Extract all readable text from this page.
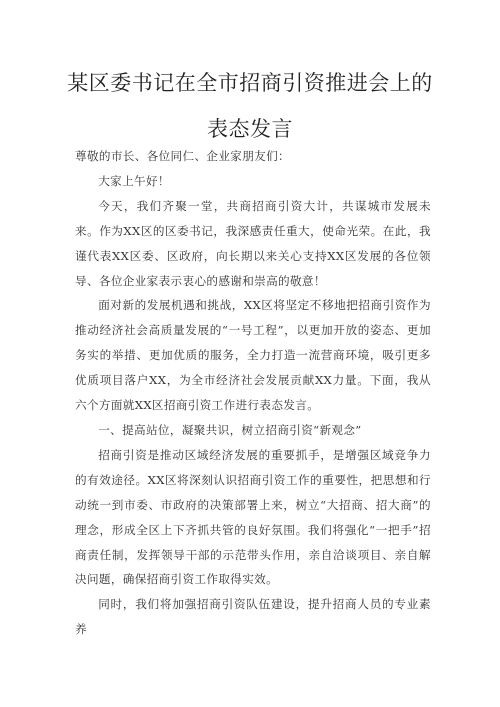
某区委书记在全市招商引资推进会上的
表态发言

尊敬的市长、各位同仁、企业家朋友们：

大家上午好！

今天，我们齐聚一堂，共商招商引资大计，共谋城市发展未来。作为XX区的区委书记，我深感责任重大，使命光荣。在此，我谨代表XX区委、区政府，向长期以来关心支持XX区发展的各位领导、各位企业家表示衷心的感谢和崇高的敬意！

面对新的发展机遇和挑战，XX区将坚定不移地把招商引资作为推动经济社会高质量发展的“一号工程”，以更加开放的姿态、更加务实的举措、更加优质的服务，全力打造一流营商环境，吸引更多优质项目落户XX，为全市经济社会发展贡献XX力量。下面，我从六个方面就XX区招商引资工作进行表态发言。

一、提高站位，凝聚共识，树立招商引资“新观念”

招商引资是推动区域经济发展的重要抓手，是增强区域竞争力的有效途径。XX区将深刻认识招商引资工作的重要性，把思想和行动统一到市委、市政府的决策部署上来，树立“大招商、招大商”的理念，形成全区上下齐抓共管的良好氛围。我们将强化“一把手”招商责任制，发挥领导干部的示范带头作用，亲自洽谈项目、亲自解决问题，确保招商引资工作取得实效。

同时，我们将加强招商引资队伍建设，提升招商人员的专业素养
